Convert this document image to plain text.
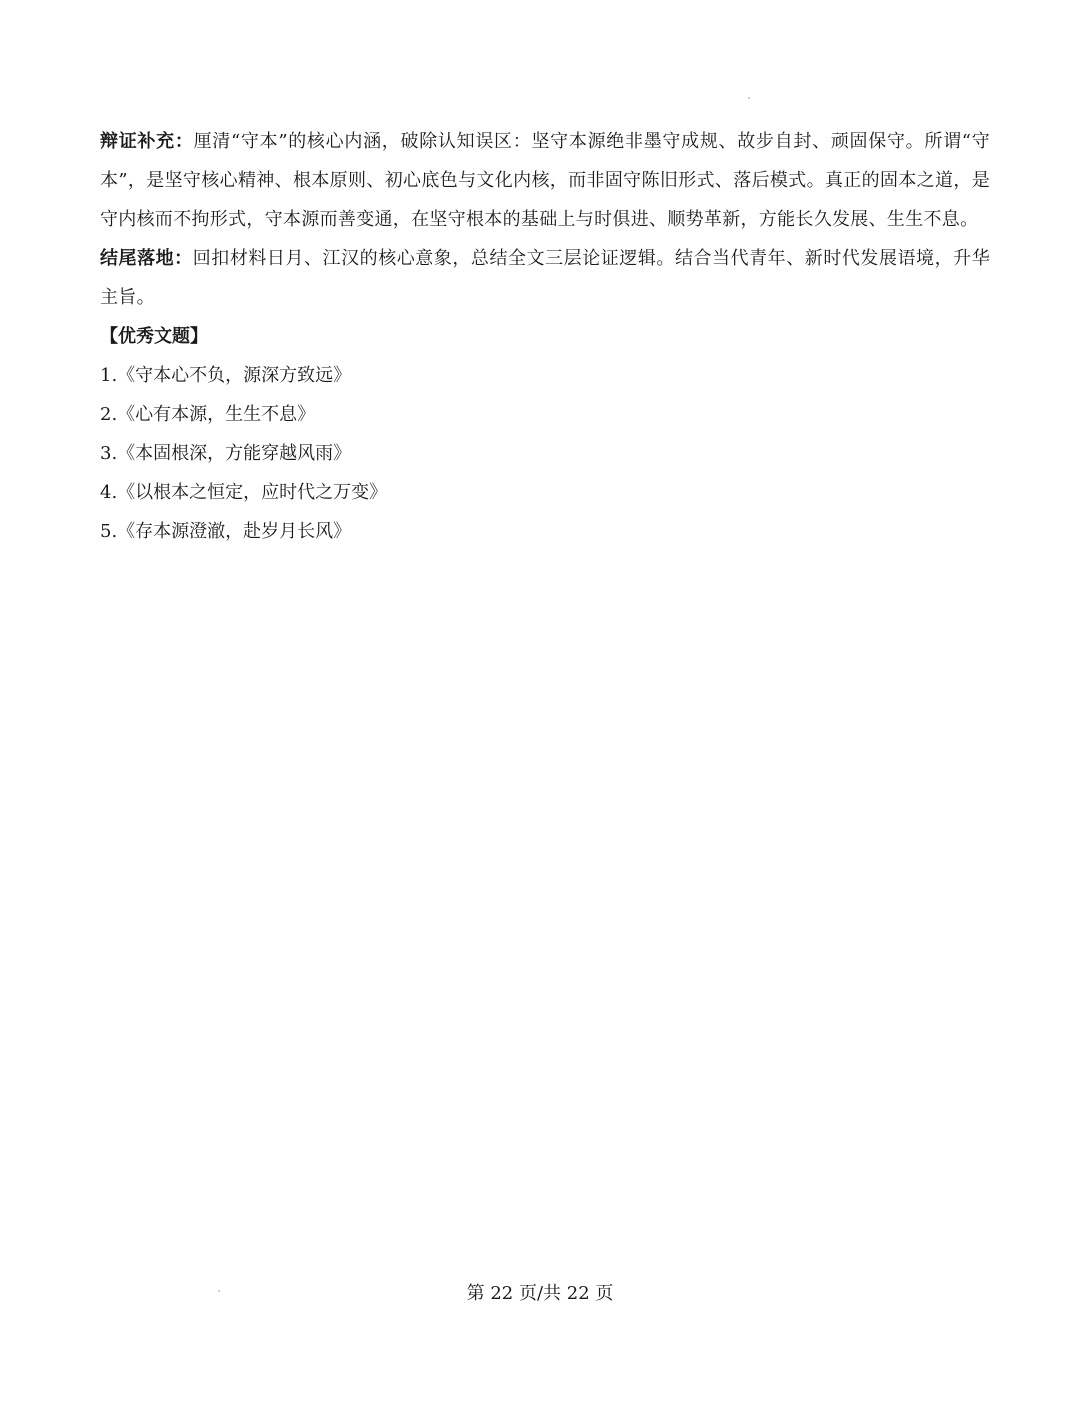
辩证补充：厘清“守本”的核心内涵，破除认知误区：坚守本源绝非墨守成规、故步自封、顽固保守。所谓“守本”，是坚守核心精神、根本原则、初心底色与文化内核，而非固守陈旧形式、落后模式。真正的固本之道，是守内核而不拘形式，守本源而善变通，在坚守根本的基础上与时俱进、顺势革新，方能长久发展、生生不息。

结尾落地：回扣材料日月、江汉的核心意象，总结全文三层论证逻辑。结合当代青年、新时代发展语境，升华主旨。

【优秀文题】

1.《守本心不负，源深方致远》
2.《心有本源，生生不息》
3.《本固根深，方能穿越风雨》
4.《以根本之恒定，应时代之万变》
5.《存本源澄澈，赴岁月长风》
第 22 页/共 22 页
